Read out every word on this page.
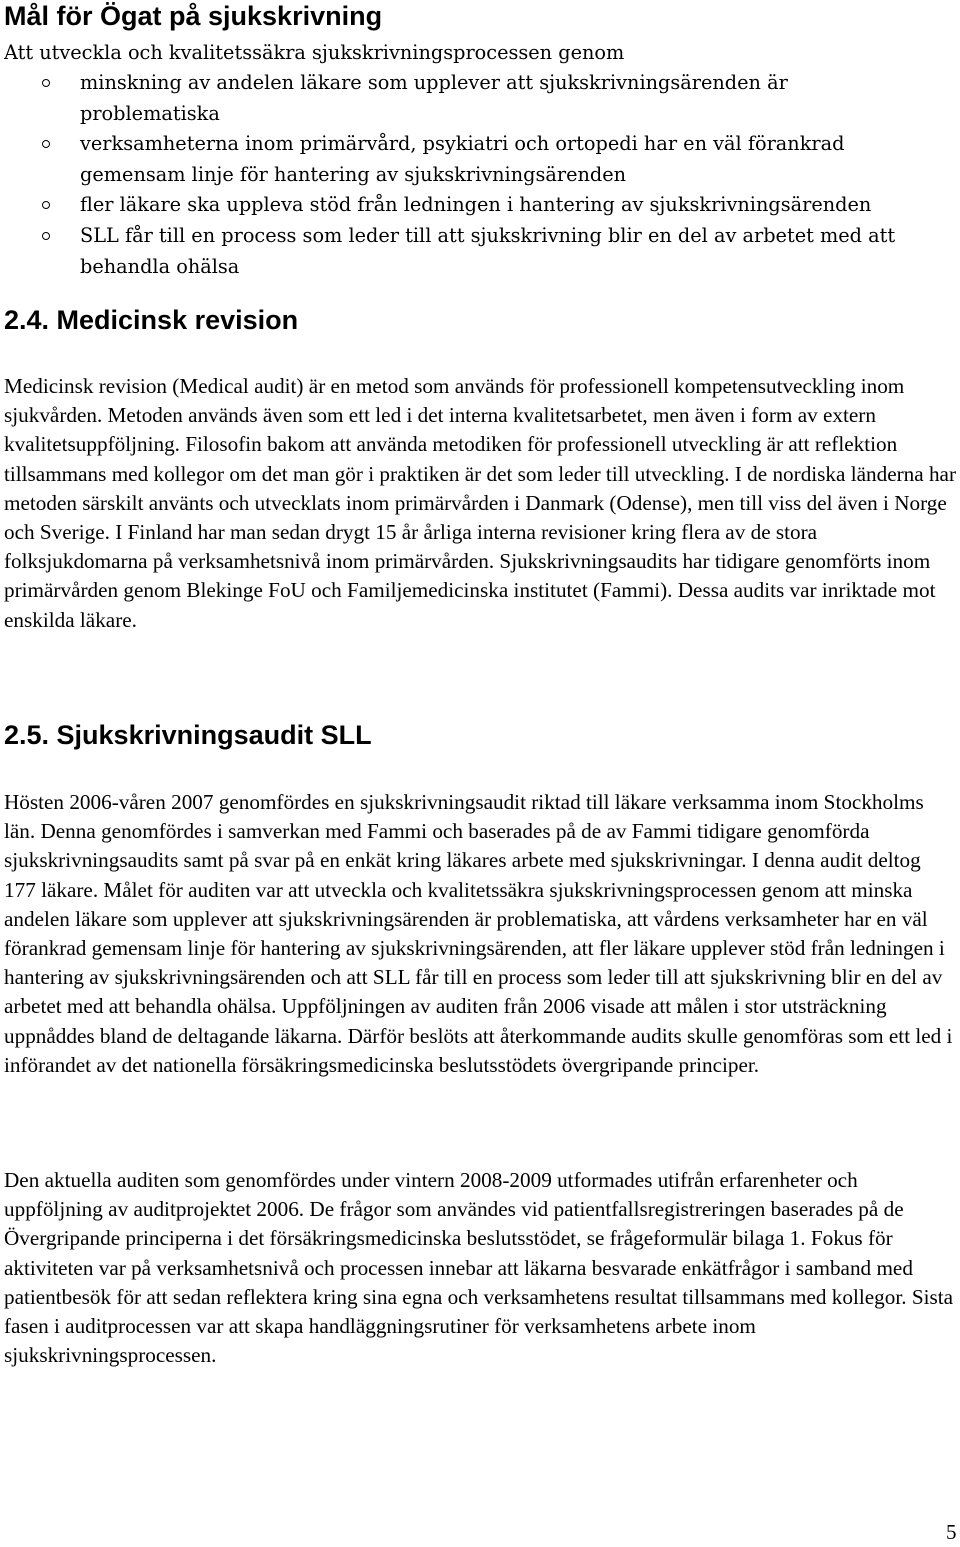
Mål för Ögat på sjukskrivning

Att utveckla och kvalitetssäkra sjukskrivningsprocessen genom

minskning av andelen läkare som upplever att sjukskrivningsärenden är problematiska
verksamheterna inom primärvård, psykiatri och ortopedi har en väl förankrad gemensam linje för hantering av sjukskrivningsärenden
fler läkare ska uppleva stöd från ledningen i hantering av sjukskrivningsärenden
SLL får till en process som leder till att sjukskrivning blir en del av arbetet med att behandla ohälsa
2.4. Medicinsk revision

Medicinsk revision (Medical audit) är en metod som används för professionell kompetensutveckling inom sjukvården. Metoden används även som ett led i det interna kvalitetsarbetet, men även i form av extern kvalitetsuppföljning. Filosofin bakom att använda metodiken för professionell utveckling är att reflektion tillsammans med kollegor om det man gör i praktiken är det som leder till utveckling. I de nordiska länderna har metoden särskilt använts och utvecklats inom primärvården i Danmark (Odense), men till viss del även i Norge och Sverige. I Finland har man sedan drygt 15 år årliga interna revisioner kring flera av de stora folksjukdomarna på verksamhetsnivå inom primärvården. Sjukskrivningsaudits har tidigare genomförts inom primärvården genom Blekinge FoU och Familjemedicinska institutet (Fammi). Dessa audits var inriktade mot enskilda läkare.

2.5. Sjukskrivningsaudit SLL

Hösten 2006-våren 2007 genomfördes en sjukskrivningsaudit riktad till läkare verksamma inom Stockholms län. Denna genomfördes i samverkan med Fammi och baserades på de av Fammi tidigare genomförda sjukskrivningsaudits samt på svar på en enkät kring läkares arbete med sjukskrivningar. I denna audit deltog 177 läkare. Målet för auditen var att utveckla och kvalitetssäkra sjukskrivningsprocessen genom att minska andelen läkare som upplever att sjukskrivningsärenden är problematiska, att vårdens verksamheter har en väl förankrad gemensam linje för hantering av sjukskrivningsärenden, att fler läkare upplever stöd från ledningen i hantering av sjukskrivningsärenden och att SLL får till en process som leder till att sjukskrivning blir en del av arbetet med att behandla ohälsa. Uppföljningen av auditen från 2006 visade att målen i stor utsträckning uppnåddes bland de deltagande läkarna. Därför beslöts att återkommande audits skulle genomföras som ett led i införandet av det nationella försäkringsmedicinska beslutsstödets övergripande principer.

Den aktuella auditen som genomfördes under vintern 2008-2009 utformades utifrån erfarenheter och uppföljning av auditprojektet 2006. De frågor som användes vid patientfallsregistreringen baserades på de Övergripande principerna i det försäkringsmedicinska beslutsstödet, se frågeformulär bilaga 1. Fokus för aktiviteten var på verksamhetsnivå och processen innebar att läkarna besvarade enkätfrågor i samband med patientbesök för att sedan reflektera kring sina egna och verksamhetens resultat tillsammans med kollegor. Sista fasen i auditprocessen var att skapa handläggningsrutiner för verksamhetens arbete inom sjukskrivningsprocessen.

5
